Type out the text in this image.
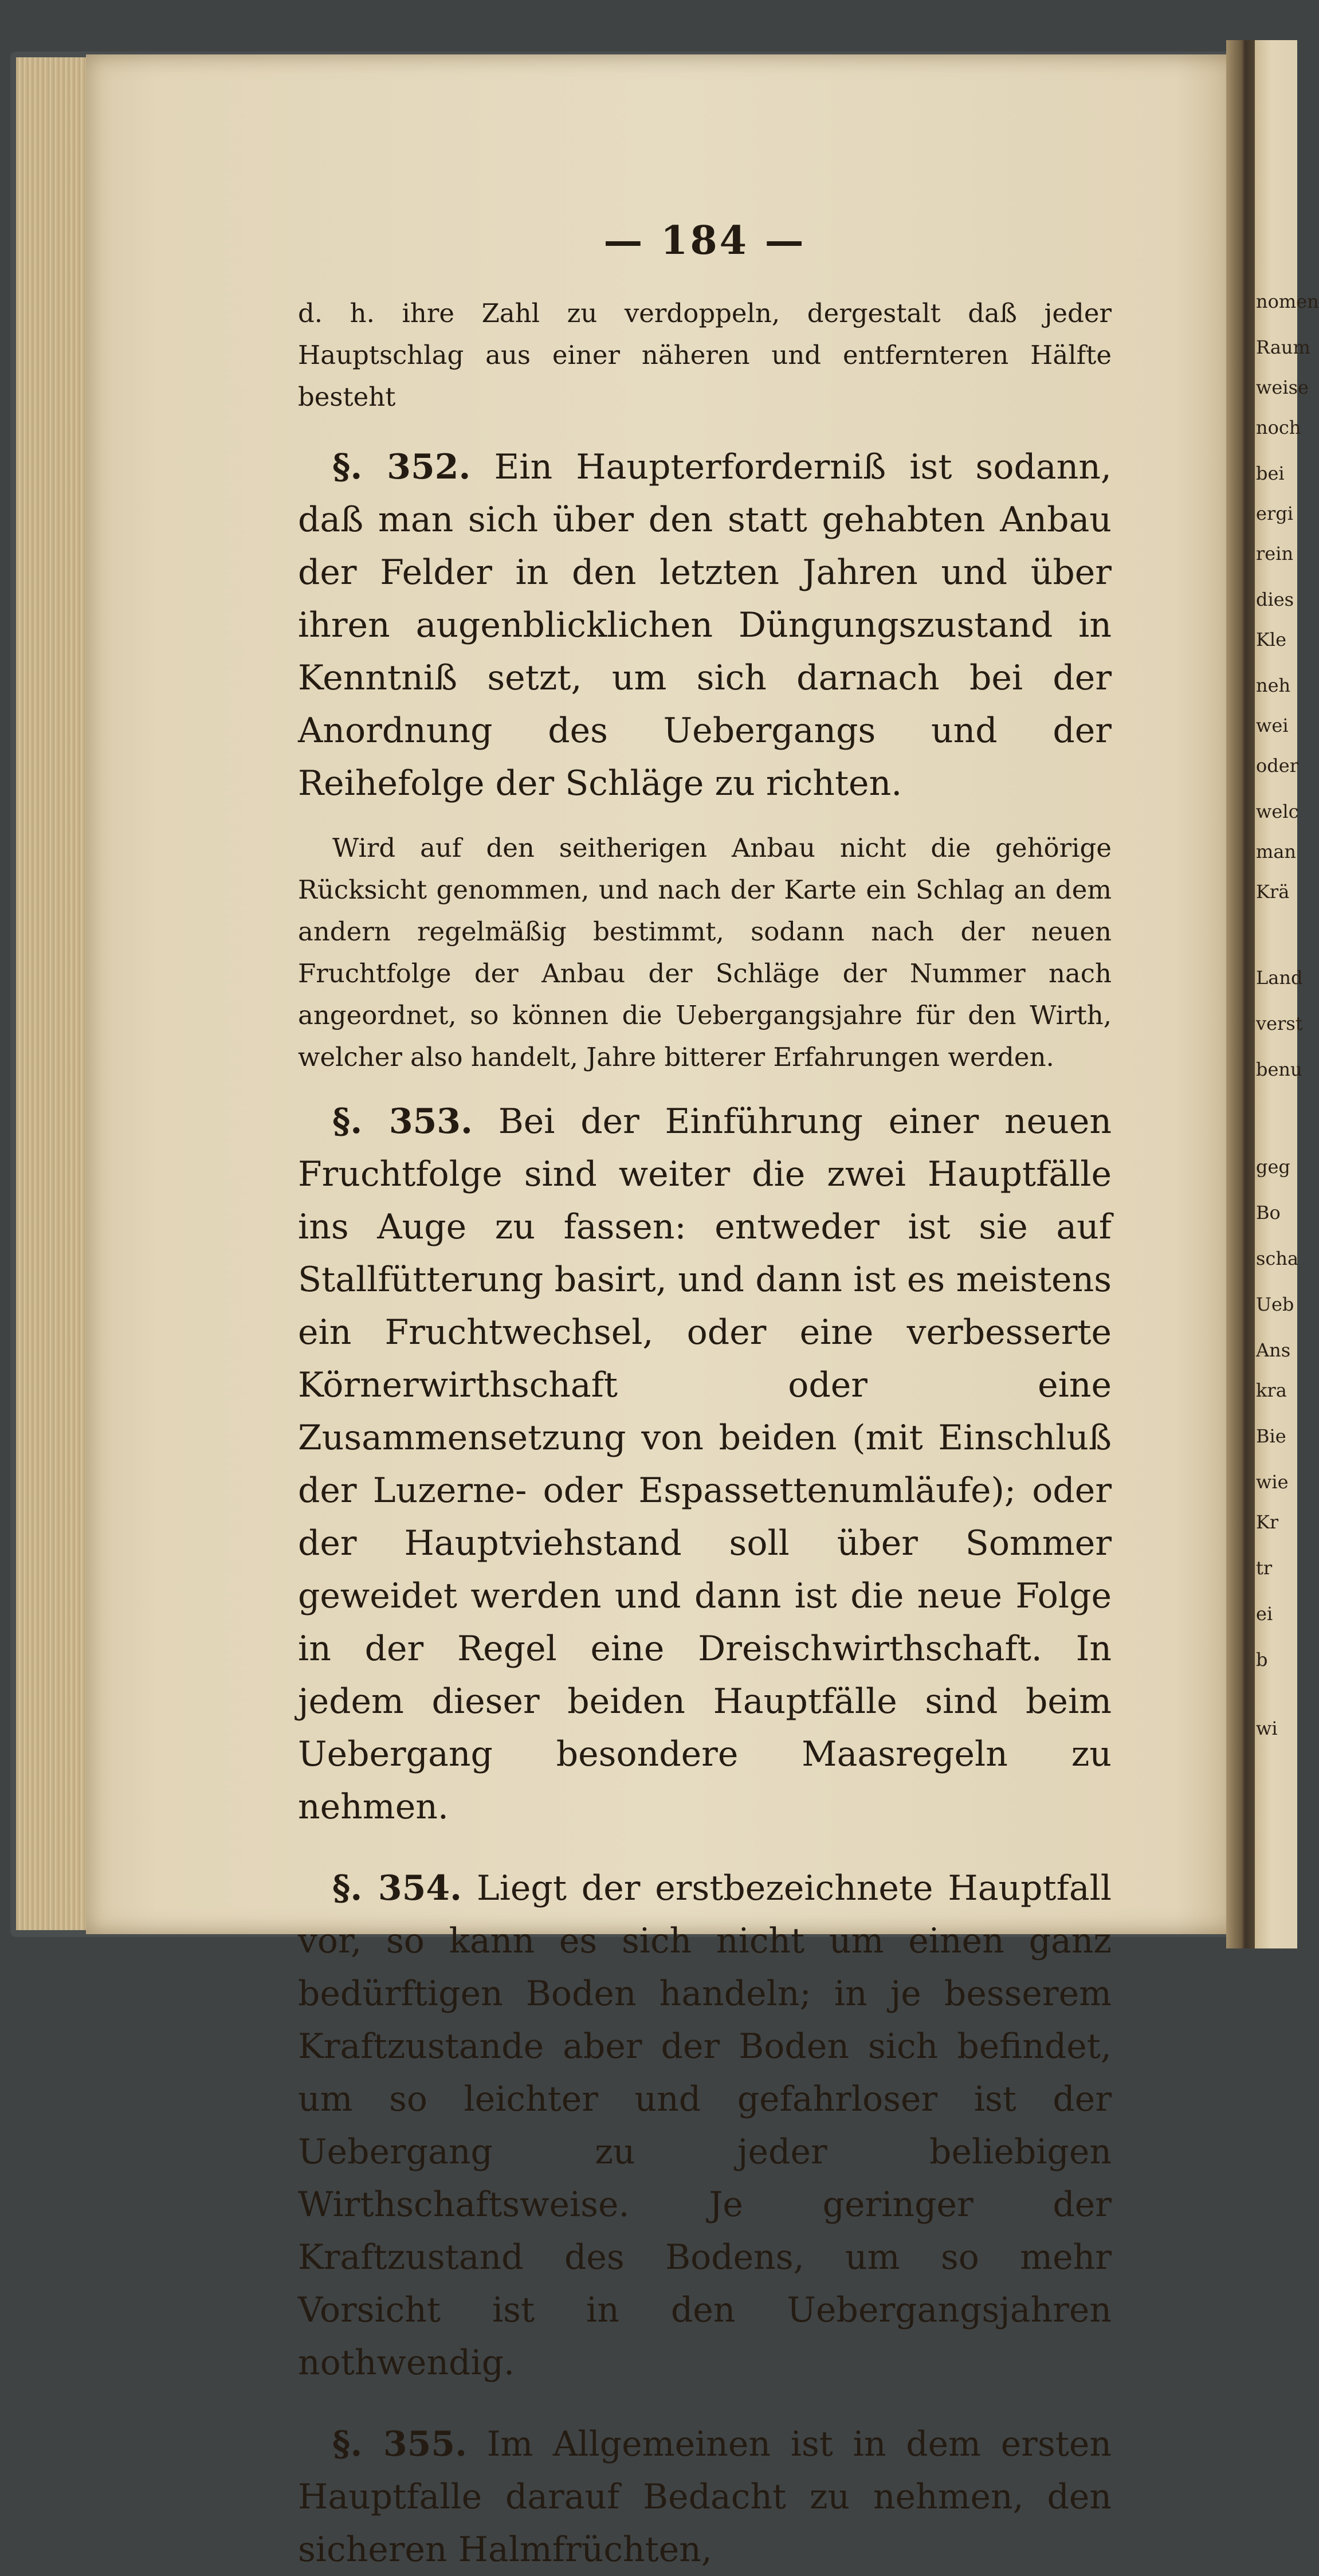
nomen

Raum

weise

noch

bei

ergi

rein

dies

Kle

neh

wei

oder

welc

man

Krä

Land

verst

benu

geg

Bo

scha

Ueb

Ans

kra

Bie

wie

Kr

tr

ei

b

wi

— 184 —

d. h. ihre Zahl zu verdoppeln, dergestalt daß jeder Hauptschlag aus einer näheren und entfernteren Hälfte besteht

§. 352. Ein Haupterforderniß ist sodann, daß man sich über den statt gehabten Anbau der Felder in den letzten Jahren und über ihren augenblicklichen Düngungszustand in Kenntniß setzt, um sich darnach bei der Anordnung des Uebergangs und der Reihefolge der Schläge zu richten.

Wird auf den seitherigen Anbau nicht die gehörige Rücksicht genommen, und nach der Karte ein Schlag an dem andern regelmäßig bestimmt, sodann nach der neuen Fruchtfolge der Anbau der Schläge der Nummer nach angeordnet, so können die Uebergangsjahre für den Wirth, welcher also handelt, Jahre bitterer Erfahrungen werden.

§. 353. Bei der Einführung einer neuen Fruchtfolge sind weiter die zwei Hauptfälle ins Auge zu fassen: entweder ist sie auf Stallfütterung basirt, und dann ist es meistens ein Fruchtwechsel, oder eine verbesserte Körnerwirthschaft oder eine Zusammensetzung von beiden (mit Einschluß der Luzerne- oder Espassettenumläufe); oder der Hauptviehstand soll über Sommer geweidet werden und dann ist die neue Folge in der Regel eine Dreischwirthschaft. In jedem dieser beiden Hauptfälle sind beim Uebergang besondere Maasregeln zu nehmen.

§. 354. Liegt der erstbezeichnete Hauptfall vor, so kann es sich nicht um einen ganz bedürftigen Boden handeln; in je besserem Kraftzustande aber der Boden sich befindet, um so leichter und gefahrloser ist der Uebergang zu jeder beliebigen Wirthschaftsweise. Je geringer der Kraftzustand des Bodens, um so mehr Vorsicht ist in den Uebergangsjahren nothwendig.

§. 355. Im Allgemeinen ist in dem ersten Hauptfalle darauf Bedacht zu nehmen, den sicheren Halmfrüchten,
